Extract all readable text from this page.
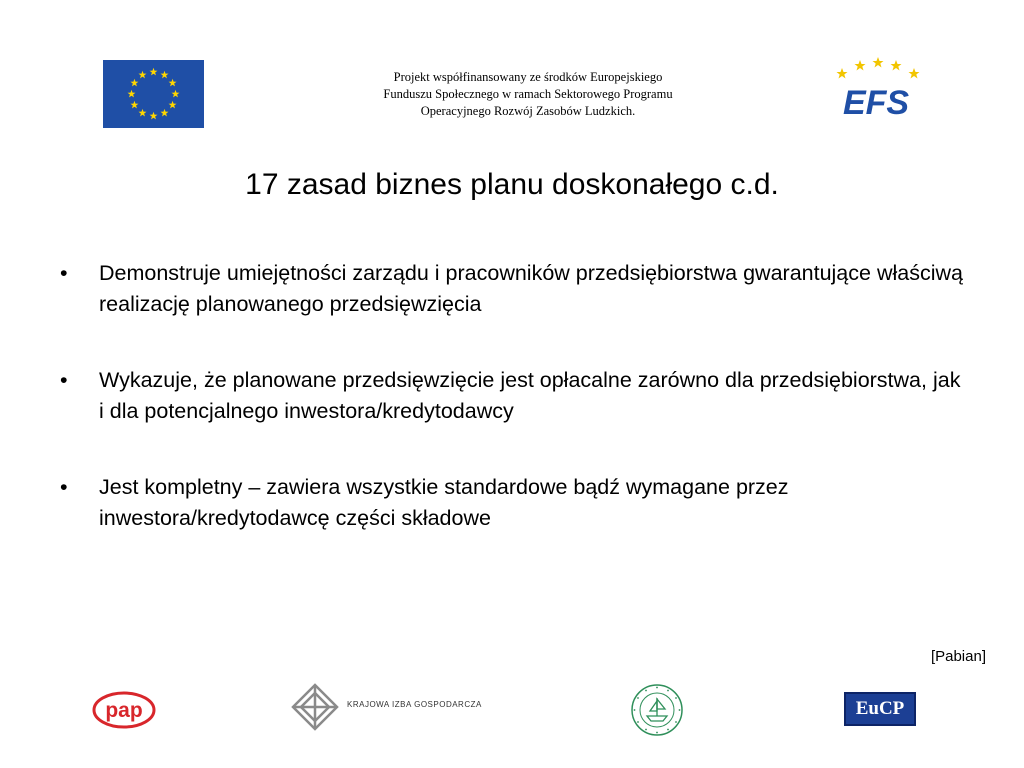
Projekt współfinansowany ze środków Europejskiego
Funduszu Społecznego w ramach Sektorowego Programu
Operacyjnego Rozwój Zasobów Ludzkich.	EFS
17 zasad biznes planu doskonałego c.d.
• Demonstruje umiejętności zarządu i pracowników przedsiębiorstwa gwarantujące właściwą realizację planowanego przedsięwzięcia
• Wykazuje, że planowane przedsięwzięcie jest opłacalne zarówno dla przedsiębiorstwa, jak i dla potencjalnego inwestora/kredytodawcy
• Jest kompletny – zawiera wszystkie standardowe bądź wymagane przez inwestora/kredytodawcę części składowe
[Pabian]
pap	KRAJOWA IZBA GOSPODARCZA	EuCP
